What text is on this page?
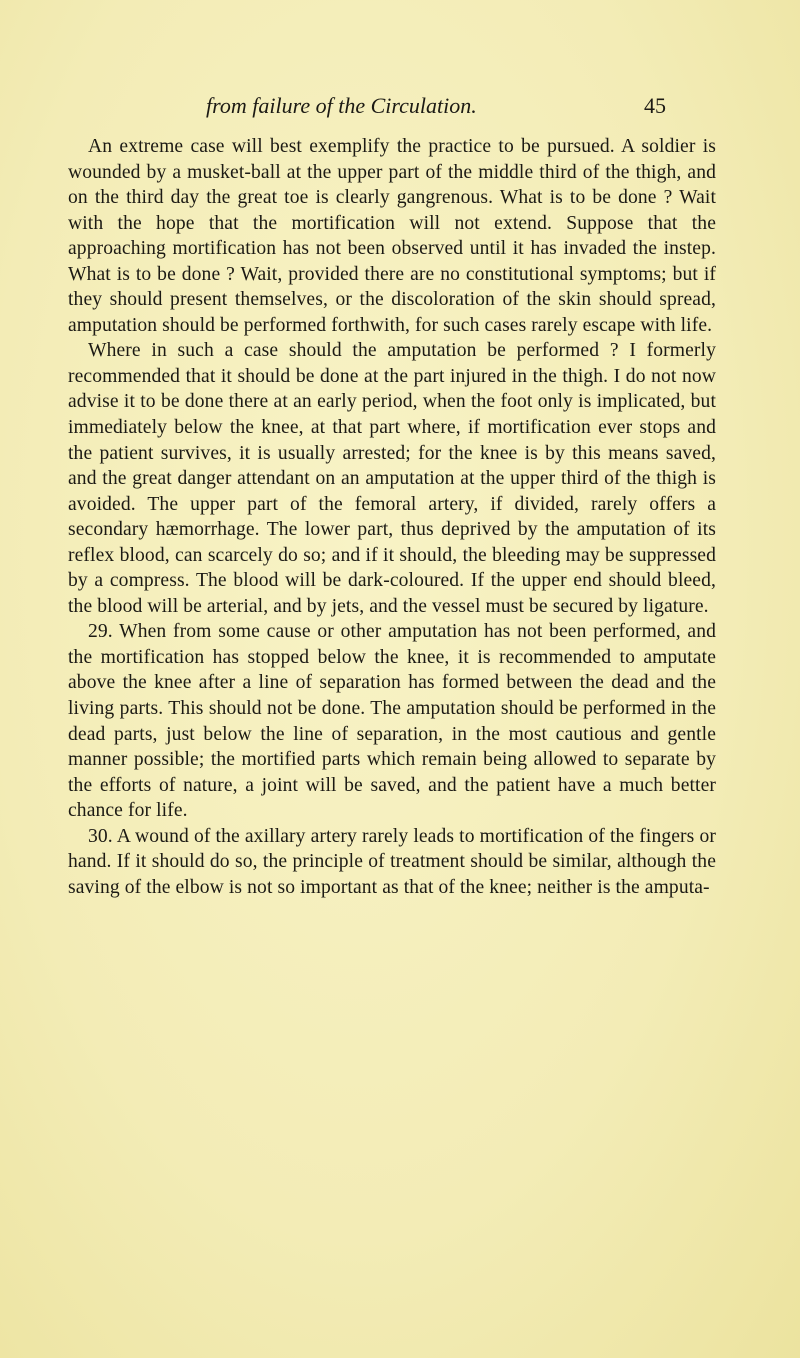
from failure of the Circulation.	45

An extreme case will best exemplify the practice to be pursued. A soldier is wounded by a musket-ball at the upper part of the middle third of the thigh, and on the third day the great toe is clearly gangrenous. What is to be done ? Wait with the hope that the mortification will not extend. Suppose that the approaching mortification has not been observed until it has invaded the instep. What is to be done ? Wait, provided there are no constitutional symptoms; but if they should present themselves, or the discoloration of the skin should spread, amputation should be performed forthwith, for such cases rarely escape with life.

Where in such a case should the amputation be performed ? I formerly recommended that it should be done at the part injured in the thigh. I do not now advise it to be done there at an early period, when the foot only is implicated, but immediately below the knee, at that part where, if mortification ever stops and the patient survives, it is usually arrested; for the knee is by this means saved, and the great danger attendant on an amputation at the upper third of the thigh is avoided. The upper part of the femoral artery, if divided, rarely offers a secondary hæmorrhage. The lower part, thus deprived by the amputation of its reflex blood, can scarcely do so; and if it should, the bleeding may be suppressed by a compress. The blood will be dark-coloured. If the upper end should bleed, the blood will be arterial, and by jets, and the vessel must be secured by ligature.

29. When from some cause or other amputation has not been performed, and the mortification has stopped below the knee, it is recommended to amputate above the knee after a line of separation has formed between the dead and the living parts. This should not be done. The amputation should be performed in the dead parts, just below the line of separation, in the most cautious and gentle manner possible; the mortified parts which remain being allowed to separate by the efforts of nature, a joint will be saved, and the patient have a much better chance for life.

30. A wound of the axillary artery rarely leads to mortification of the fingers or hand. If it should do so, the principle of treatment should be similar, although the saving of the elbow is not so important as that of the knee; neither is the amputa-
